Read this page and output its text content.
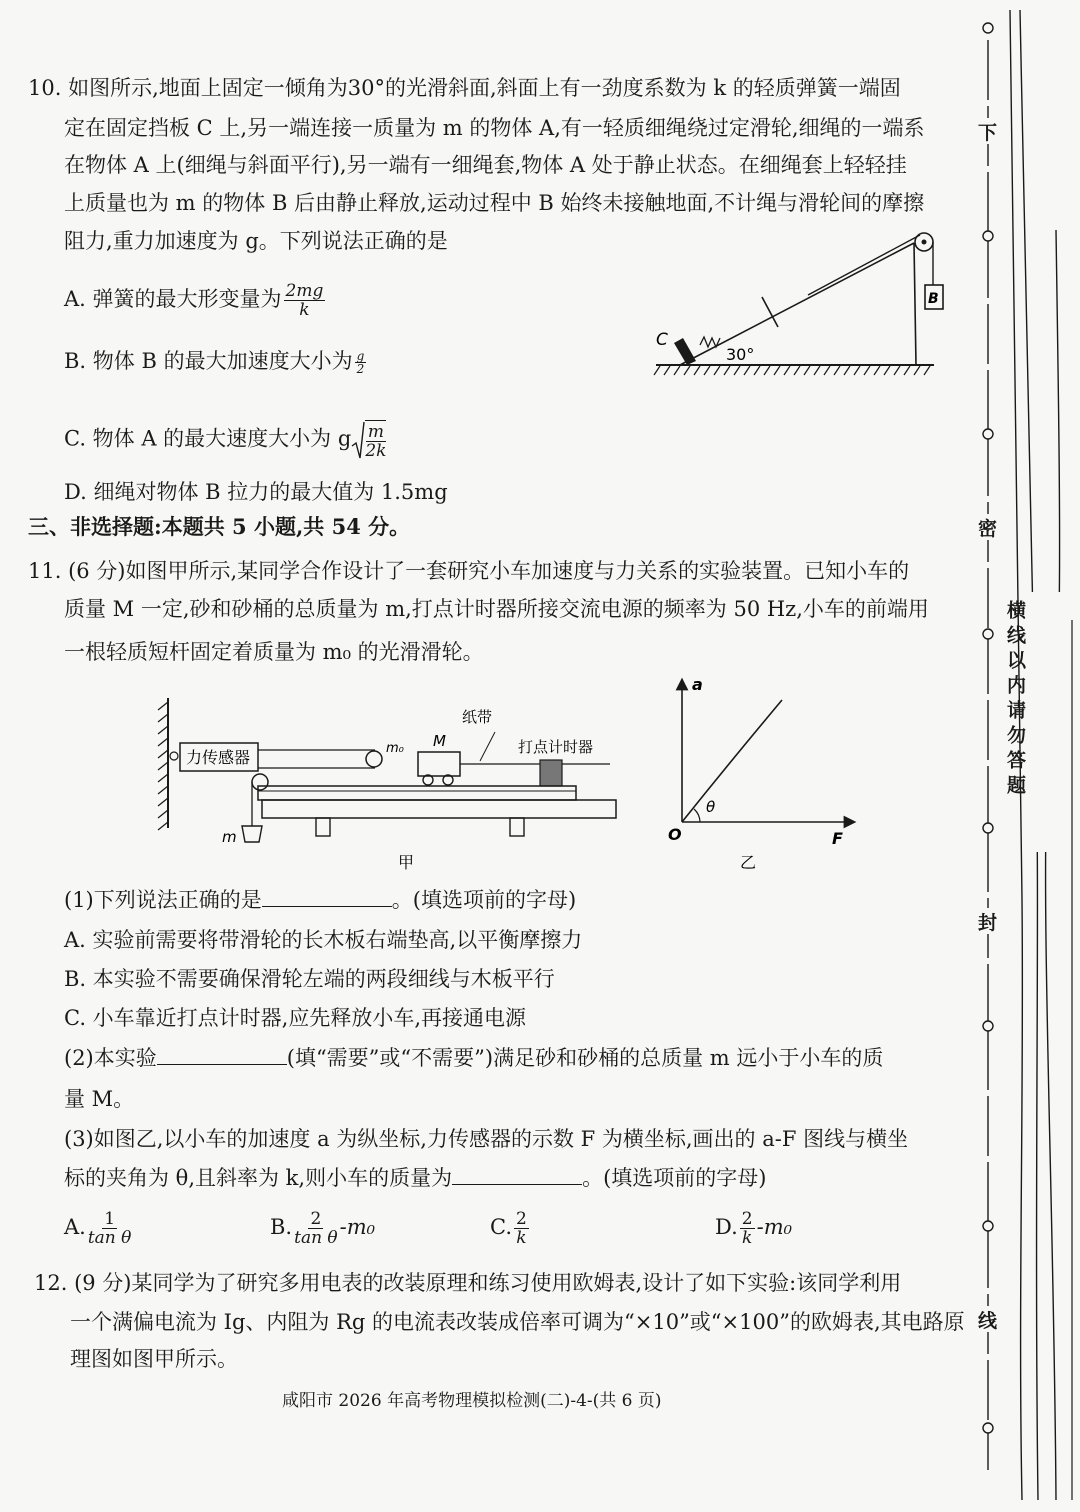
10. 如图所示,地面上固定一倾角为30°的光滑斜面,斜面上有一劲度系数为 k 的轻质弹簧一端固
定在固定挡板 C 上,另一端连接一质量为 m 的物体 A,有一轻质细绳绕过定滑轮,细绳的一端系
在物体 A 上(细绳与斜面平行),另一端有一细绳套,物体 A 处于静止状态。在细绳套上轻轻挂
上质量也为 m 的物体 B 后由静止释放,运动过程中 B 始终未接触地面,不计绳与滑轮间的摩擦
阻力,重力加速度为 g。下列说法正确的是
A. 弹簧的最大形变量为 $\frac{2mg}{k}$
B. 物体 B 的最大加速度大小为 $\frac{g}{2}$
C. 物体 A 的最大速度大小为 g $\frac{m}{2k}$
D. 细绳对物体 B 拉力的最大值为 1.5mg
C
30°
B
三、非选择题:本题共 5 小题,共 54 分。
11. (6 分)如图甲所示,某同学合作设计了一套研究小车加速度与力关系的实验装置。已知小车的
质量 M 一定,砂和砂桶的总质量为 m,打点计时器所接交流电源的频率为 50 Hz,小车的前端用
一根轻质短杆固定着质量为 m₀ 的光滑滑轮。
力传感器	m₀ M
纸带
打点计时器
m
甲
a
O	F
θ
乙
(1)下列说法正确的是	。(填选项前的字母)
A. 实验前需要将带滑轮的长木板右端垫高,以平衡摩擦力
B. 本实验不需要确保滑轮左端的两段细线与木板平行
C. 小车靠近打点计时器,应先释放小车,再接通电源
(2)本实验	(填“需要”或“不需要”)满足砂和砂桶的总质量 m 远小于小车的质
量 M。
(3)如图乙,以小车的加速度 a 为纵坐标,力传感器的示数 F 为横坐标,画出的 a-F 图线与横坐
标的夹角为 θ,且斜率为 k,则小车的质量为	。(填选项前的字母)
A. $\frac{1}{\text{tan θ}}$	B. $\frac{2}{\text{tan θ}} -m_0$	C. $\frac{2}{k}$	D. $\frac{2}{k} -m_0$
12. (9 分)某同学为了研究多用电表的改装原理和练习使用欧姆表,设计了如下实验:该同学利用
一个满偏电流为 Ig、内阻为 Rg 的电流表改装成倍率可调为“×10”或“×100”的欧姆表,其电路原
理图如图甲所示。
咸阳市 2026 年高考物理模拟检测(二)-4-(共 6 页)
下
密
封
线
横线以内请勿答题
